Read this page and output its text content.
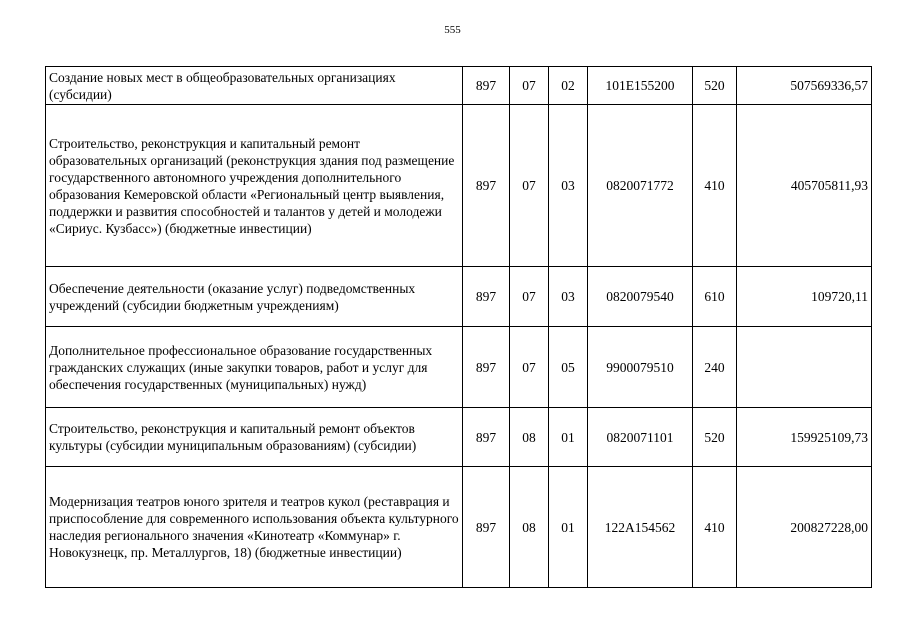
555
Создание новых мест в общеобразовательных организациях (субсидии)	897	07	02	101E155200	520	507569336,57
Строительство, реконструкция и капитальный ремонт образовательных организаций (реконструкция здания под размещение государственного автономного учреждения дополнительного образования Кемеровской области «Региональный центр выявления, поддержки и развития способностей и талантов у детей и молодежи «Сириус. Кузбасс») (бюджетные инвестиции)	897	07	03	0820071772	410	405705811,93
Обеспечение деятельности (оказание услуг) подведомственных учреждений (субсидии бюджетным учреждениям)	897	07	03	0820079540	610	109720,11
Дополнительное профессиональное образование государственных гражданских служащих (иные закупки товаров, работ и услуг для обеспечения государственных (муниципальных) нужд)	897	07	05	9900079510	240	
Строительство, реконструкция и капитальный ремонт объектов культуры (субсидии муниципальным образованиям) (субсидии)	897	08	01	0820071101	520	159925109,73
Модернизация театров юного зрителя и театров кукол (реставрация и приспособление для современного использования объекта культурного наследия регионального значения «Кинотеатр «Коммунар» г. Новокузнецк, пр. Металлургов, 18) (бюджетные инвестиции)	897	08	01	122A154562	410	200827228,00
